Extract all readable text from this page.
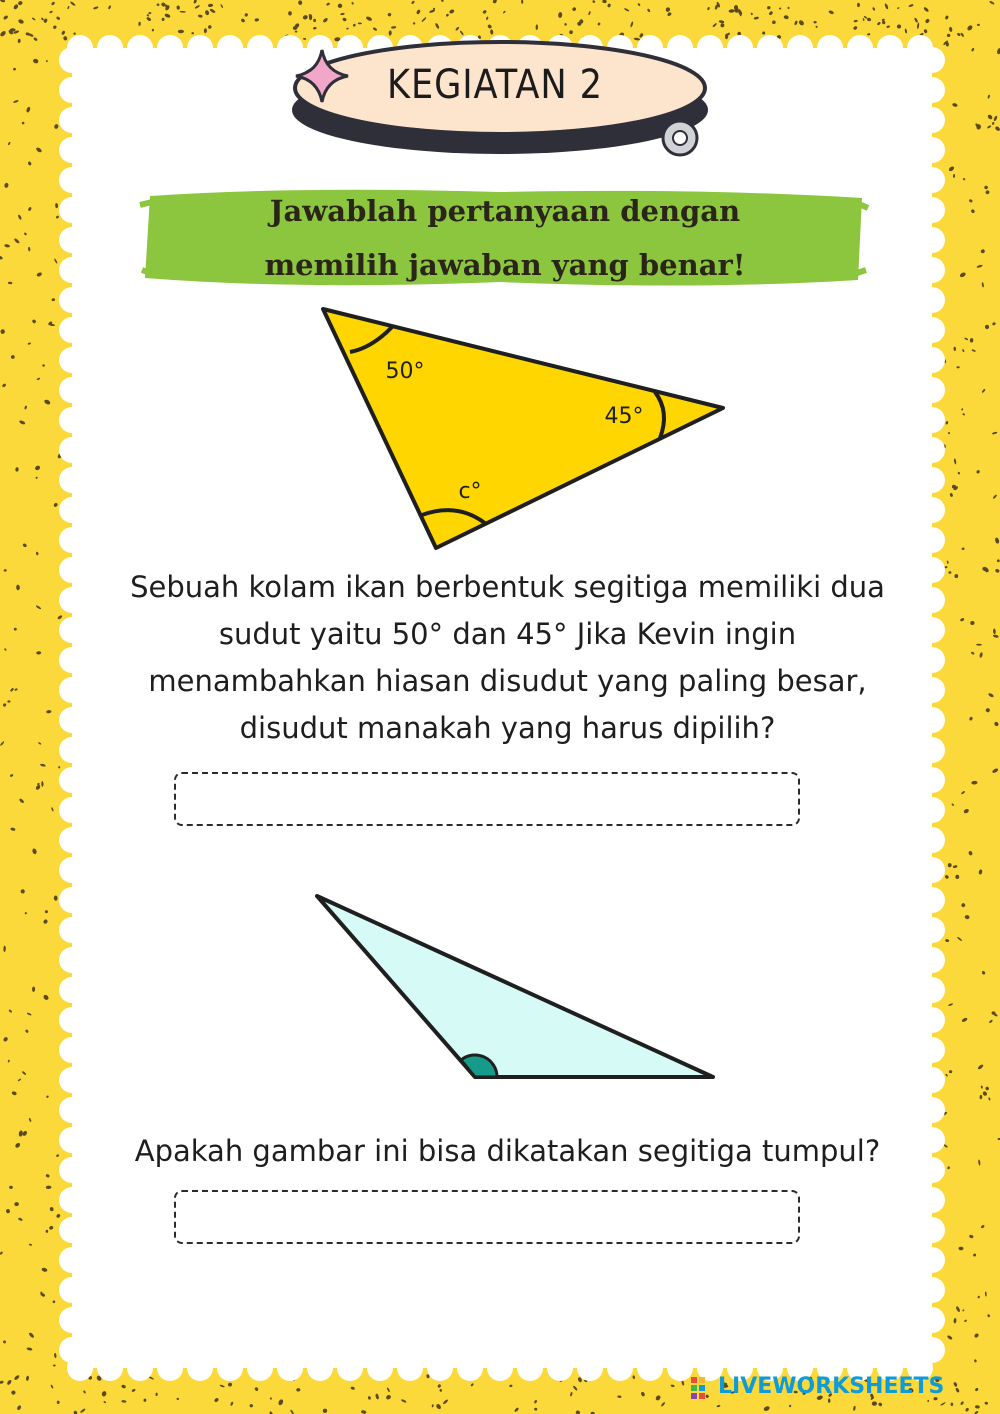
50°
45°
c°

KEGIATAN 2

Jawablah pertanyaan dengan

memilih jawaban yang benar!

Sebuah kolam ikan berbentuk segitiga memiliki dua

sudut yaitu 50° dan 45° Jika Kevin ingin

menambahkan hiasan disudut yang paling besar,

disudut manakah yang harus dipilih?

Apakah gambar ini bisa dikatakan segitiga tumpul?

LIVEWORKSHEETS
